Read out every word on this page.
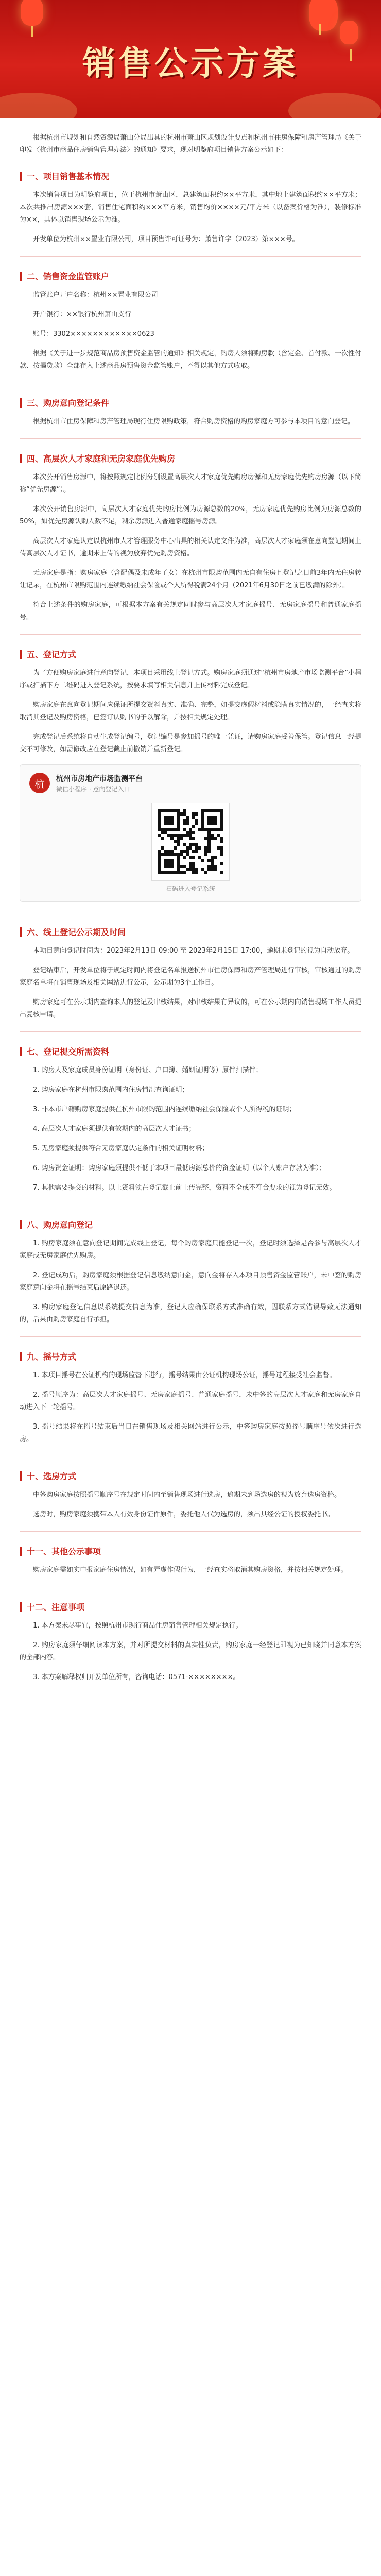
销售公示方案

根据杭州市规划和自然资源局萧山分局出具的杭州市萧山区规划设计要点和杭州市住房保障和房产管理局《关于印发〈杭州市商品住房销售管理办法〉的通知》要求，现对明鉴府项目销售方案公示如下：

一、项目销售基本情况

本次销售项目为明鉴府项目，位于杭州市萧山区，总建筑面积约××平方米，其中地上建筑面积约××平方米；本次共推出房源×××套，销售住宅面积约×××平方米，销售均价××××元/平方米（以备案价格为准），装修标准为××，具体以销售现场公示为准。

开发单位为杭州××置业有限公司，项目预售许可证号为：萧售许字（2023）第×××号。

二、销售资金监管账户

监管账户开户名称：杭州××置业有限公司

开户银行：××银行杭州萧山支行

账号：3302××××××××××××0623

根据《关于进一步规范商品房预售资金监管的通知》相关规定，购房人须将购房款（含定金、首付款、一次性付款、按揭贷款）全部存入上述商品房预售资金监管账户，不得以其他方式收取。

三、购房意向登记条件

根据杭州市住房保障和房产管理局现行住房限购政策，符合购房资格的购房家庭方可参与本项目的意向登记。

四、高层次人才家庭和无房家庭优先购房

本次公开销售房源中，将按照规定比例分别设置高层次人才家庭优先购房房源和无房家庭优先购房房源（以下简称“优先房源”）。

本次公开销售房源中，高层次人才家庭优先购房比例为房源总数的20%，无房家庭优先购房比例为房源总数的50%，如优先房源认购人数不足，剩余房源进入普通家庭摇号房源。

高层次人才家庭认定以杭州市人才管理服务中心出具的相关认定文件为准，高层次人才家庭须在意向登记期间上传高层次人才证书，逾期未上传的视为放弃优先购房资格。

无房家庭是指：购房家庭（含配偶及未成年子女）在杭州市限购范围内无自有住房且登记之日前3年内无住房转让记录，在杭州市限购范围内连续缴纳社会保险或个人所得税满24个月（2021年6月30日之前已缴满的除外）。

符合上述条件的购房家庭，可根据本方案有关规定同时参与高层次人才家庭摇号、无房家庭摇号和普通家庭摇号。

五、登记方式

为了方便购房家庭进行意向登记，本项目采用线上登记方式。购房家庭须通过“杭州市房地产市场监测平台”小程序或扫描下方二维码进入登记系统，按要求填写相关信息并上传材料完成登记。

购房家庭在意向登记期间应保证所提交资料真实、准确、完整，如提交虚假材料或隐瞒真实情况的，一经查实将取消其登记及购房资格，已签订认购书的予以解除，并按相关规定处理。

完成登记后系统将自动生成登记编号，登记编号是参加摇号的唯一凭证，请购房家庭妥善保管。登记信息一经提交不可修改，如需修改应在登记截止前撤销并重新登记。

杭	杭州市房地产市场监测平台
微信小程序 · 意向登记入口
扫码进入登记系统
六、线上登记公示期及时间

本项目意向登记时间为：2023年2月13日 09:00 至 2023年2月15日 17:00，逾期未登记的视为自动放弃。

登记结束后，开发单位将于规定时间内将登记名单报送杭州市住房保障和房产管理局进行审核，审核通过的购房家庭名单将在销售现场及相关网站进行公示，公示期为3个工作日。

购房家庭可在公示期内查询本人的登记及审核结果，对审核结果有异议的，可在公示期内向销售现场工作人员提出复核申请。

七、登记提交所需资料

1. 购房人及家庭成员身份证明（身份证、户口簿、婚姻证明等）原件扫描件；

2. 购房家庭在杭州市限购范围内住房情况查询证明；

3. 非本市户籍购房家庭提供在杭州市限购范围内连续缴纳社会保险或个人所得税的证明；

4. 高层次人才家庭须提供有效期内的高层次人才证书；

5. 无房家庭须提供符合无房家庭认定条件的相关证明材料；

6. 购房资金证明：购房家庭须提供不低于本项目最低房源总价的资金证明（以个人账户存款为准）；

7. 其他需要提交的材料。以上资料须在登记截止前上传完整，资料不全或不符合要求的视为登记无效。

八、购房意向登记

1. 购房家庭须在意向登记期间完成线上登记，每个购房家庭只能登记一次，登记时须选择是否参与高层次人才家庭或无房家庭优先购房。

2. 登记成功后，购房家庭须根据登记信息缴纳意向金，意向金将存入本项目预售资金监管账户，未中签的购房家庭意向金将在摇号结束后原路退还。

3. 购房家庭登记信息以系统提交信息为准，登记人应确保联系方式准确有效，因联系方式错误导致无法通知的，后果由购房家庭自行承担。

九、摇号方式

1. 本项目摇号在公证机构的现场监督下进行，摇号结果由公证机构现场公证，摇号过程接受社会监督。

2. 摇号顺序为：高层次人才家庭摇号、无房家庭摇号、普通家庭摇号，未中签的高层次人才家庭和无房家庭自动进入下一轮摇号。

3. 摇号结果将在摇号结束后当日在销售现场及相关网站进行公示，中签购房家庭按照摇号顺序号依次进行选房。

十、选房方式

中签购房家庭按照摇号顺序号在规定时间内至销售现场进行选房，逾期未到场选房的视为放弃选房资格。

选房时，购房家庭须携带本人有效身份证件原件，委托他人代为选房的，须出具经公证的授权委托书。

十一、其他公示事项

购房家庭需如实申报家庭住房情况，如有弄虚作假行为，一经查实将取消其购房资格，并按相关规定处理。

十二、注意事项

1. 本方案未尽事宜，按照杭州市现行商品住房销售管理相关规定执行。

2. 购房家庭须仔细阅读本方案，并对所提交材料的真实性负责，购房家庭一经登记即视为已知晓并同意本方案的全部内容。

3. 本方案解释权归开发单位所有，咨询电话：0571-××××××××。
